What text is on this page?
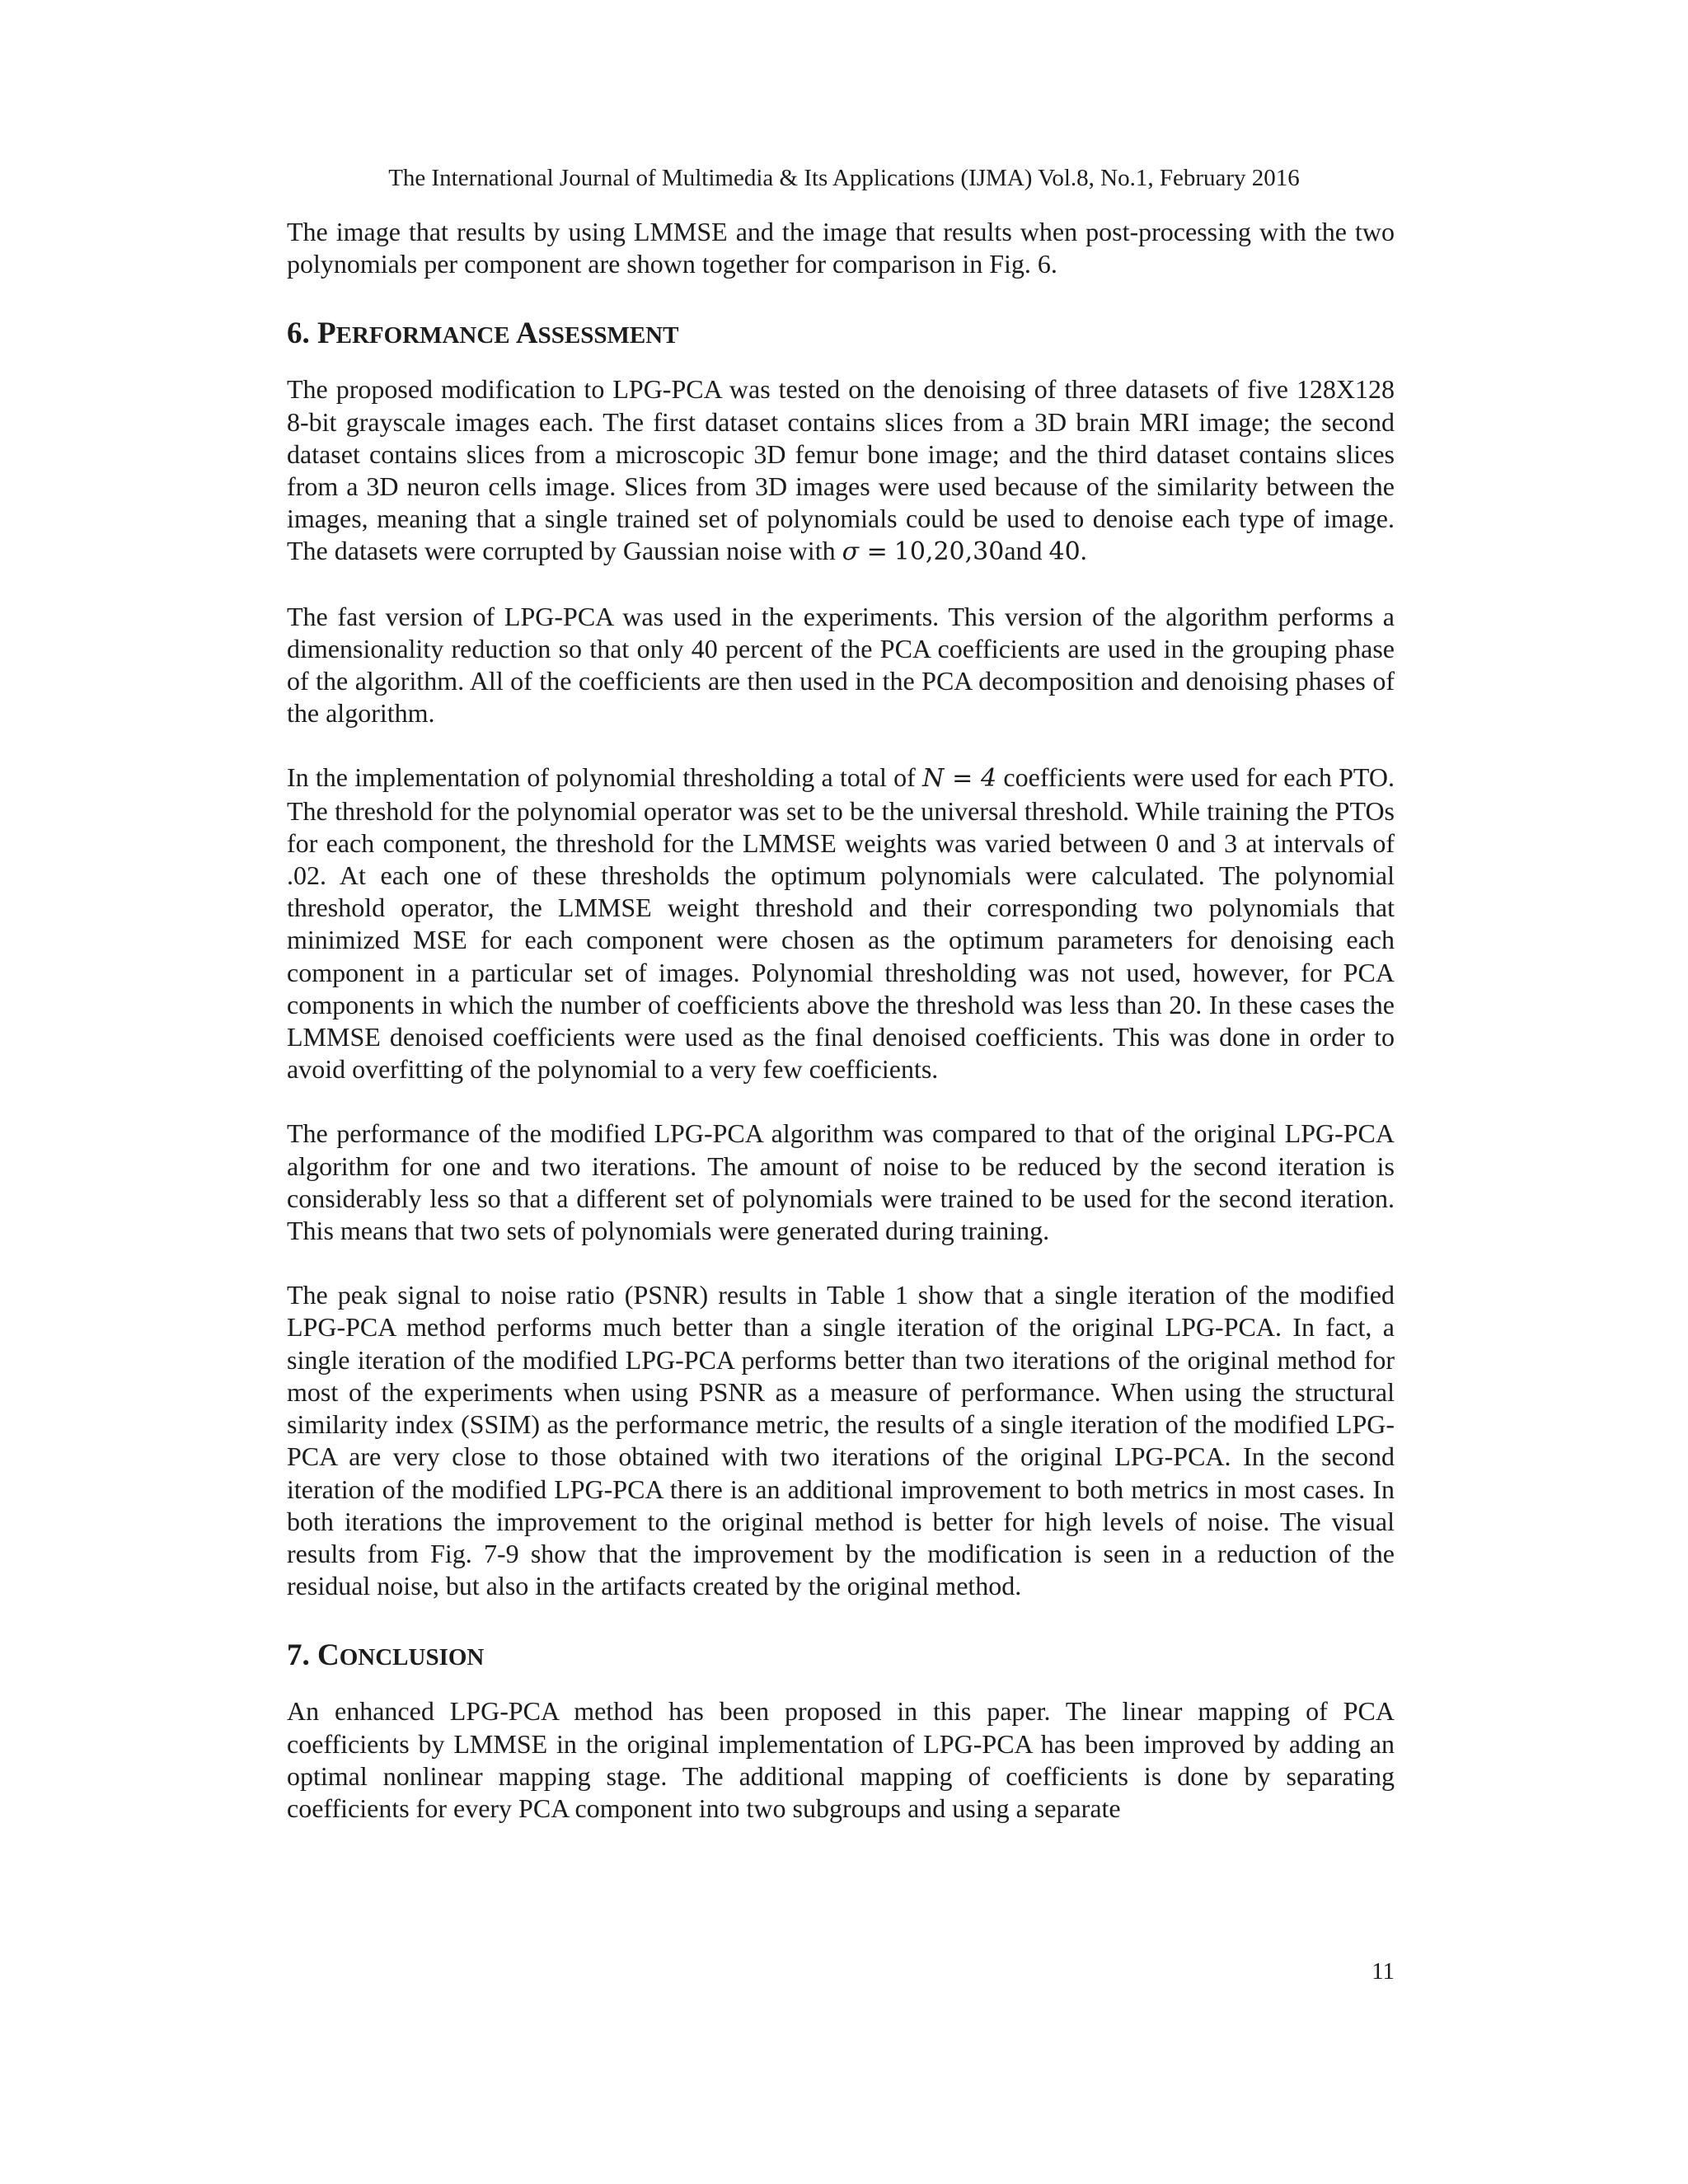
The International Journal of Multimedia & Its Applications (IJMA) Vol.8, No.1, February 2016

The image that results by using LMMSE and the image that results when post-processing with the two polynomials per component are shown together for comparison in Fig. 6.

6. PERFORMANCE ASSESSMENT

The proposed modification to LPG-PCA was tested on the denoising of three datasets of five 128X128 8-bit grayscale images each. The first dataset contains slices from a 3D brain MRI image; the second dataset contains slices from a microscopic 3D femur bone image; and the third dataset contains slices from a 3D neuron cells image. Slices from 3D images were used because of the similarity between the images, meaning that a single trained set of polynomials could be used to denoise each type of image. The datasets were corrupted by Gaussian noise with σ = 10,20,30and 40.

The fast version of LPG-PCA was used in the experiments. This version of the algorithm performs a dimensionality reduction so that only 40 percent of the PCA coefficients are used in the grouping phase of the algorithm. All of the coefficients are then used in the PCA decomposition and denoising phases of the algorithm.

In the implementation of polynomial thresholding a total of N = 4 coefficients were used for each PTO. The threshold for the polynomial operator was set to be the universal threshold. While training the PTOs for each component, the threshold for the LMMSE weights was varied between 0 and 3 at intervals of .02. At each one of these thresholds the optimum polynomials were calculated. The polynomial threshold operator, the LMMSE weight threshold and their corresponding two polynomials that minimized MSE for each component were chosen as the optimum parameters for denoising each component in a particular set of images. Polynomial thresholding was not used, however, for PCA components in which the number of coefficients above the threshold was less than 20. In these cases the LMMSE denoised coefficients were used as the final denoised coefficients. This was done in order to avoid overfitting of the polynomial to a very few coefficients.

The performance of the modified LPG-PCA algorithm was compared to that of the original LPG-PCA algorithm for one and two iterations. The amount of noise to be reduced by the second iteration is considerably less so that a different set of polynomials were trained to be used for the second iteration. This means that two sets of polynomials were generated during training.

The peak signal to noise ratio (PSNR) results in Table 1 show that a single iteration of the modified LPG-PCA method performs much better than a single iteration of the original LPG-PCA. In fact, a single iteration of the modified LPG-PCA performs better than two iterations of the original method for most of the experiments when using PSNR as a measure of performance. When using the structural similarity index (SSIM) as the performance metric, the results of a single iteration of the modified LPG-PCA are very close to those obtained with two iterations of the original LPG-PCA. In the second iteration of the modified LPG-PCA there is an additional improvement to both metrics in most cases. In both iterations the improvement to the original method is better for high levels of noise. The visual results from Fig. 7-9 show that the improvement by the modification is seen in a reduction of the residual noise, but also in the artifacts created by the original method.

7. CONCLUSION

An enhanced LPG-PCA method has been proposed in this paper. The linear mapping of PCA coefficients by LMMSE in the original implementation of LPG-PCA has been improved by adding an optimal nonlinear mapping stage. The additional mapping of coefficients is done by separating coefficients for every PCA component into two subgroups and using a separate

11
